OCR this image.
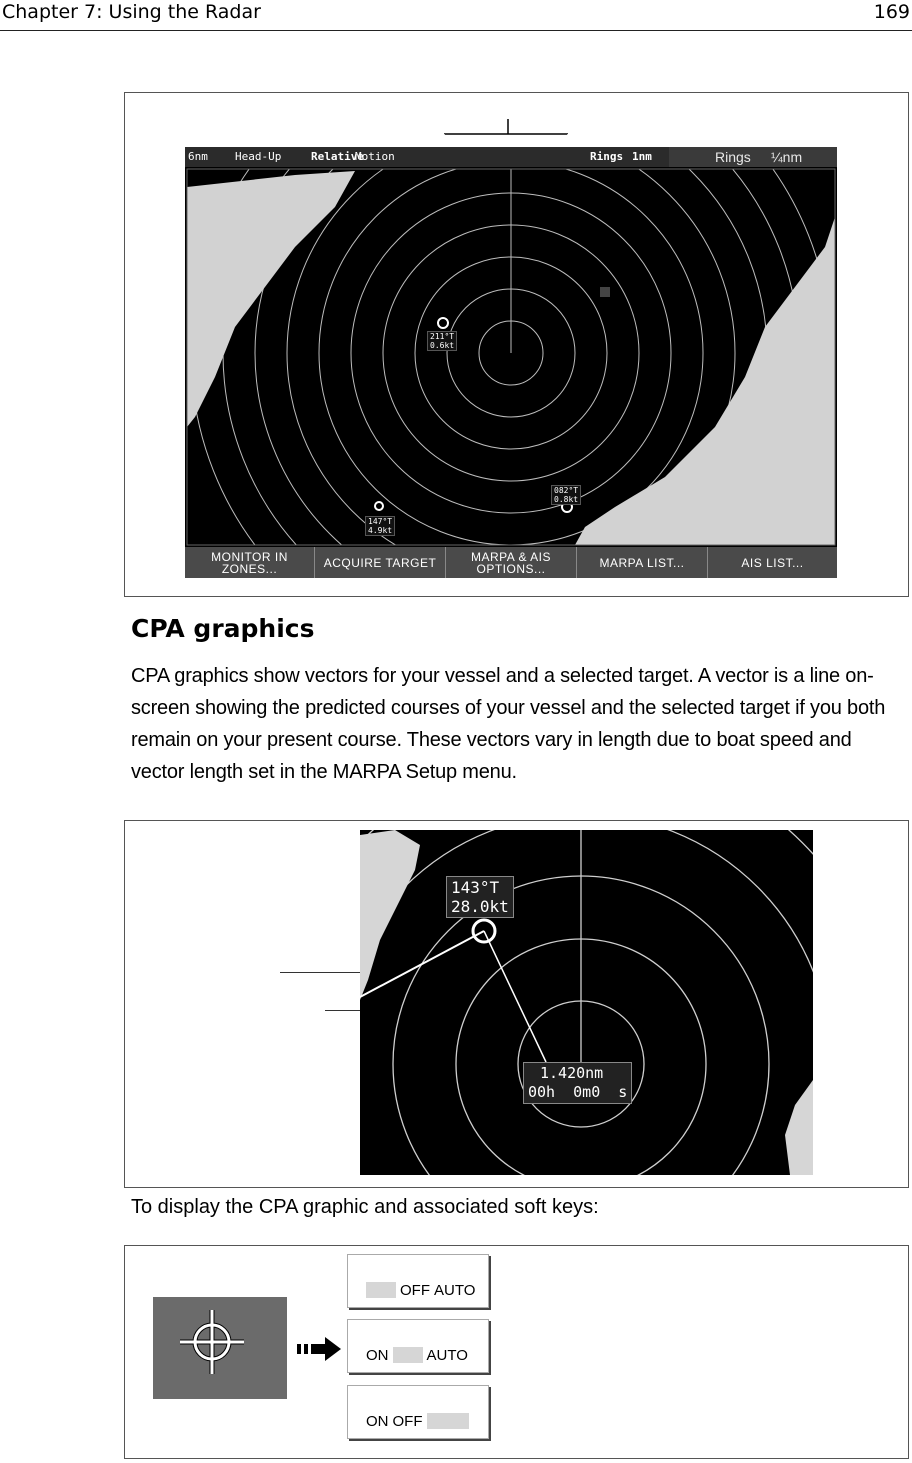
Chapter 7: Using the Radar	169
6nm Head-Up	Relative
Motion	Rings 1nm	Rings ¼nm
211°T
0.6kt
082°T
0.8kt
147°T
4.9kt
MONITOR IN
ZONES...	ACQUIRE TARGET	MARPA & AIS
OPTIONS...	MARPA LIST...	AIS LIST...
CPA graphics
CPA graphics show vectors for your vessel and a selected target. A vector is a line on-
screen showing the predicted courses of your vessel and the selected target if you both
remain on your present course. These vectors vary in length due to boat speed and
vector length set in the MARPA Setup menu.
143°T
28.0kt
1.420nm
00h  0m0  s
To display the CPA graphic and associated soft keys:
OFF AUTO
ON	AUTO
ON OFF
